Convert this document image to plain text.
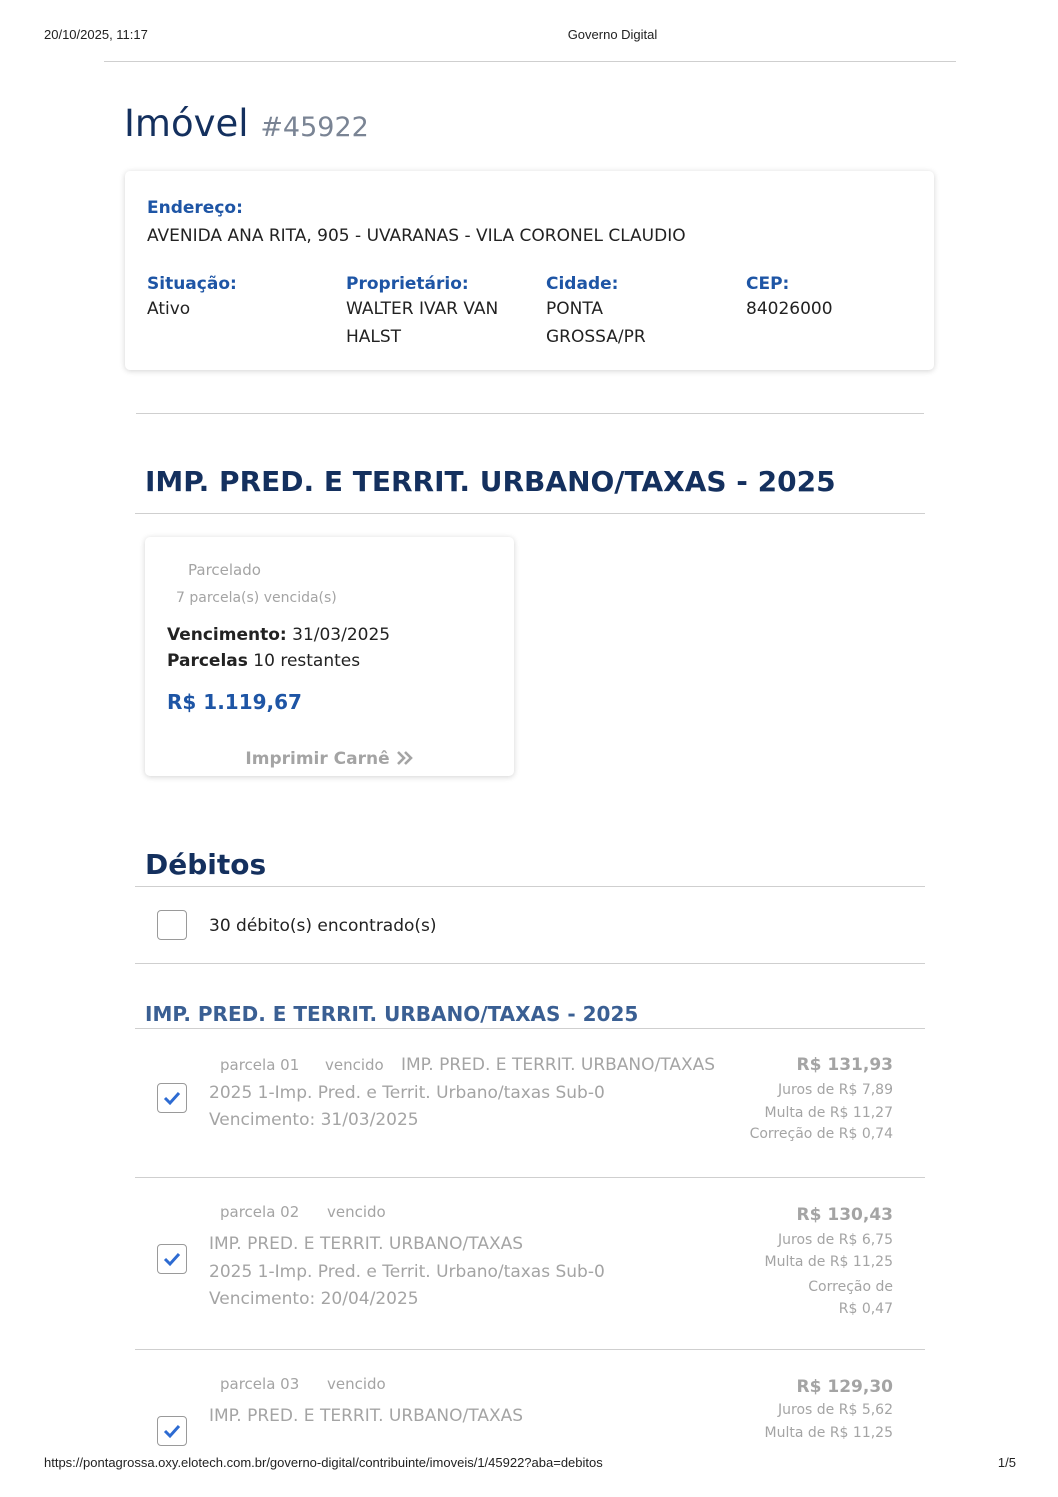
20/10/2025, 11:17	Governo Digital
Imóvel #45922
Endereço:
AVENIDA ANA RITA, 905 - UVARANAS - VILA CORONEL CLAUDIO
Situação:
Ativo
Proprietário:
WALTER IVAR VAN
HALST
Cidade:
PONTA
GROSSA/PR
CEP:
84026000
IMP. PRED. E TERRIT. URBANO/TAXAS - 2025
Parcelado
7 parcela(s) vencida(s)
Vencimento: 31/03/2025
Parcelas 10 restantes
R$ 1.119,67
Imprimir Carnê
Débitos
30 débito(s) encontrado(s)
IMP. PRED. E TERRIT. URBANO/TAXAS - 2025
parcela 01 vencido IMP. PRED. E TERRIT. URBANO/TAXAS
2025 1-Imp. Pred. e Territ. Urbano/taxas Sub-0
Vencimento: 31/03/2025
R$ 131,93
Juros de R$ 7,89
Multa de R$ 11,27
Correção de R$ 0,74
parcela 02 vencido
IMP. PRED. E TERRIT. URBANO/TAXAS
2025 1-Imp. Pred. e Territ. Urbano/taxas Sub-0
Vencimento: 20/04/2025
R$ 130,43
Juros de R$ 6,75
Multa de R$ 11,25
Correção de
R$ 0,47
parcela 03 vencido
IMP. PRED. E TERRIT. URBANO/TAXAS
R$ 129,30
Juros de R$ 5,62
Multa de R$ 11,25
https://pontagrossa.oxy.elotech.com.br/governo-digital/contribuinte/imoveis/1/45922?aba=debitos	1/5
